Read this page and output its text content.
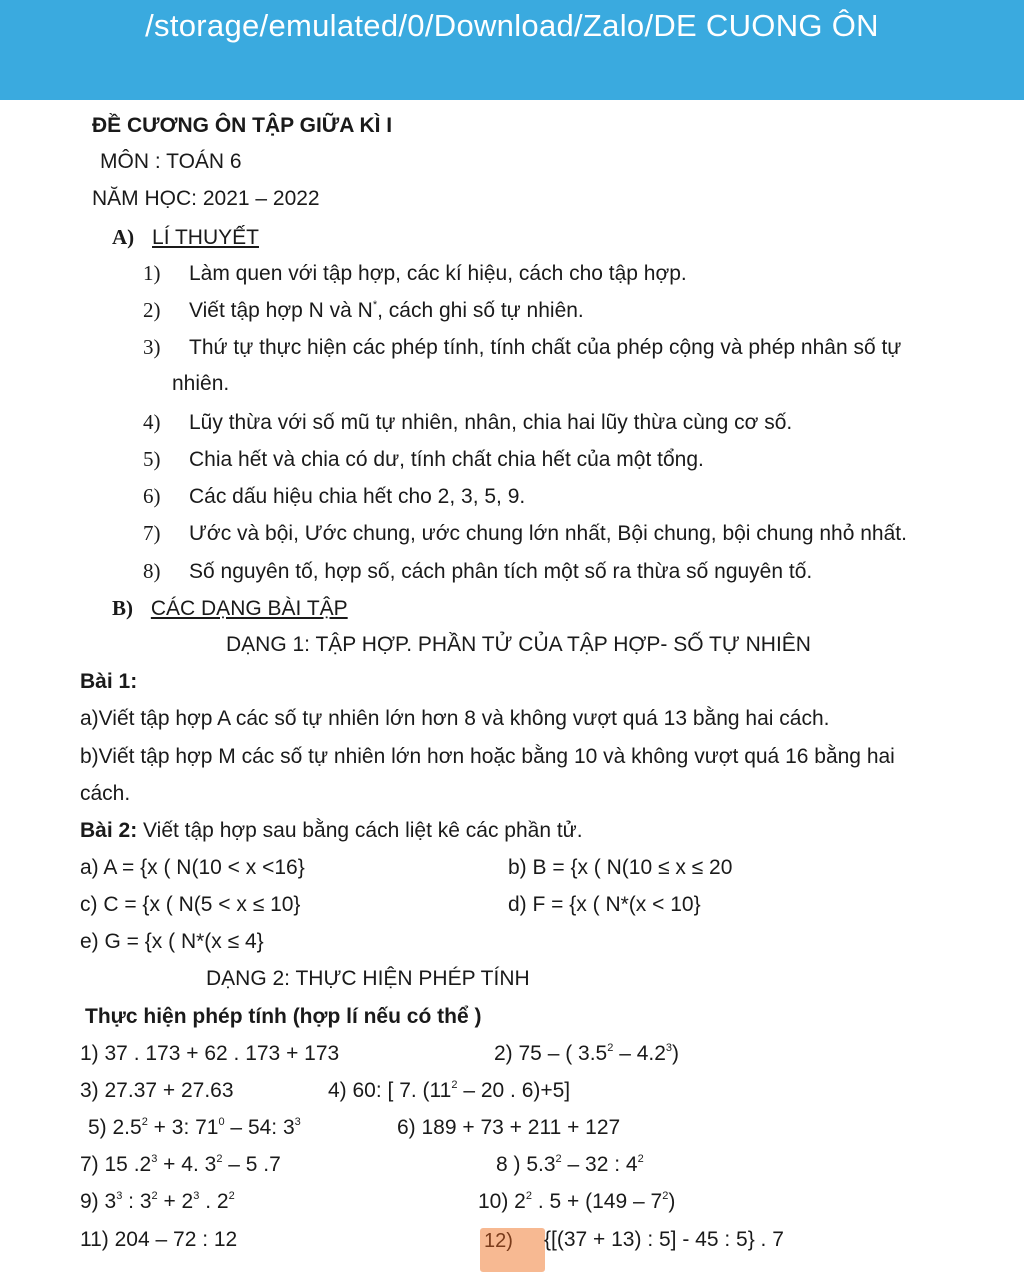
/storage/emulated/0/Download/Zalo/DE CUONG ÔN
ĐỀ CƯƠNG ÔN TẬP GIỮA KÌ I
MÔN : TOÁN 6
NĂM HỌC: 2021 – 2022
A) LÍ THUYẾT
1) Làm quen với tập hợp, các kí hiệu, cách cho tập hợp.
2) Viết tập hợp N và N*, cách ghi số tự nhiên.
3) Thứ tự thực hiện các phép tính, tính chất của phép cộng và phép nhân số tự
nhiên.
4) Lũy thừa với số mũ tự nhiên, nhân, chia hai lũy thừa cùng cơ số.
5) Chia hết và chia có dư, tính chất chia hết của một tổng.
6) Các dấu hiệu chia hết cho 2, 3, 5, 9.
7) Ước và bội, Ước chung, ước chung lớn nhất, Bội chung, bội chung nhỏ nhất.
8) Số nguyên tố, hợp số, cách phân tích một số ra thừa số nguyên tố.
B) CÁC DẠNG BÀI TẬP
DẠNG 1: TẬP HỢP. PHẦN TỬ CỦA TẬP HỢP- SỐ TỰ NHIÊN
Bài 1:
a)Viết tập hợp A các số tự nhiên lớn hơn 8 và không vượt quá 13 bằng hai cách.
b)Viết tập hợp M các số tự nhiên lớn hơn hoặc bằng 10 và không vượt quá 16 bằng hai
cách.
Bài 2: Viết tập hợp sau bằng cách liệt kê các phần tử.
a) A = {x ( N(10 < x <16}	b) B = {x ( N(10 ≤ x ≤ 20
c) C = {x ( N(5 < x ≤ 10}	d) F = {x ( N*(x < 10}
e) G = {x ( N*(x ≤ 4}
DẠNG 2: THỰC HIỆN PHÉP TÍNH
Thực hiện phép tính (hợp lí nếu có thể )
1) 37 . 173 + 62 . 173 + 173	2) 75 – ( $3.5^2 - 4.2^3$)
3) 27.37 + 27.63	4) 60: [ 7. ($11^2 - 20$ . 6)+5]
5) $2.5^2 + 3$: $71^0 - 54$: $3^3$	6) 189 + 73 + 211 + 127
7) 15 $.2^3 + 4$. $3^2 - 5$ .7	8 ) $5.3^2 - 32$ : $4^2$
9) $3^3$ : $3^2 + 2^3$ . $2^2$	10) $2^2$ . $5 + (149 - 7^2)$
11) 204 – 72 : 12	12) {[(37 + 13) : 5] - 45 : 5} . 7
